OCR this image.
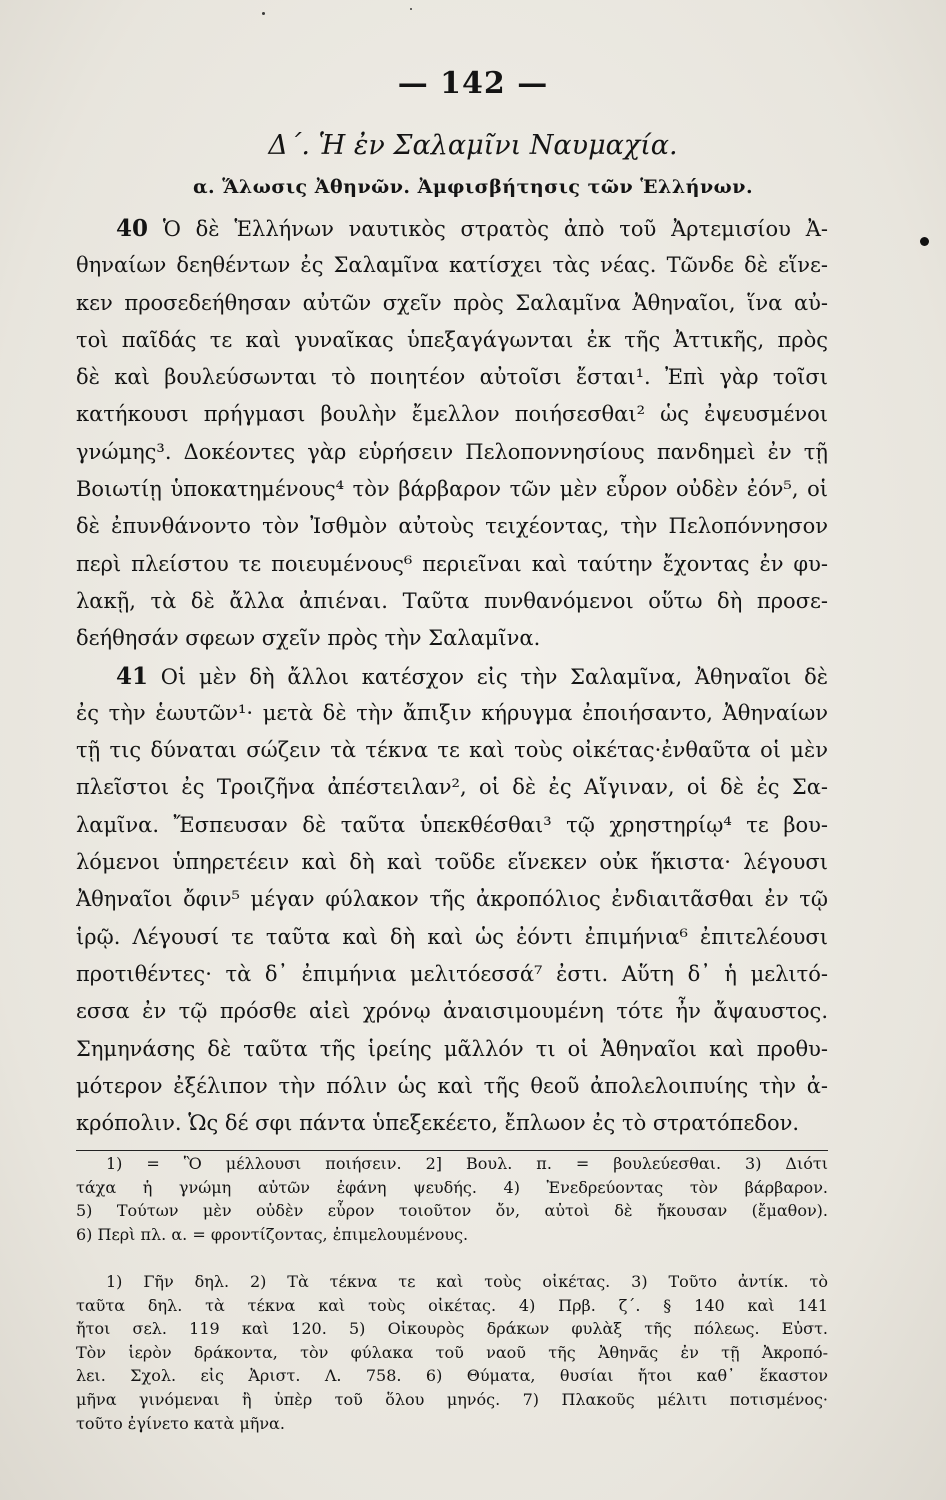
— 142 —
Δ΄. Ἡ ἐν Σαλαμῖνι Ναυμαχία.
α. Ἅλωσις Ἀθηνῶν. Ἀμφισβήτησις τῶν Ἑλλήνων.
40 Ὁ δὲ Ἑλλήνων ναυτικὸς στρατὸς ἀπὸ τοῦ Ἀρτεμισίου Ἀ-
θηναίων δεηθέντων ἐς Σαλαμῖνα κατίσχει τὰς νέας. Τῶνδε δὲ εἵνε-
κεν προσεδεήθησαν αὐτῶν σχεῖν πρὸς Σαλαμῖνα Ἀθηναῖοι, ἵνα αὐ-
τοὶ παῖδάς τε καὶ γυναῖκας ὑπεξαγάγωνται ἐκ τῆς Ἀττικῆς, πρὸς
δὲ καὶ βουλεύσωνται τὸ ποιητέον αὐτοῖσι ἔσται¹. Ἐπὶ γὰρ τοῖσι
κατήκουσι πρήγμασι βουλὴν ἔμελλον ποιήσεσθαι² ὡς ἐψευσμένοι
γνώμης³. Δοκέοντες γὰρ εὑρήσειν Πελοποννησίους πανδημεὶ ἐν τῇ
Βοιωτίῃ ὑποκατημένους⁴ τὸν βάρβαρον τῶν μὲν εὗρον οὐδὲν ἐόν⁵, οἱ
δὲ ἐπυνθάνοντο τὸν Ἰσθμὸν αὐτοὺς τειχέοντας, τὴν Πελοπόννησον
περὶ πλείστου τε ποιευμένους⁶ περιεῖναι καὶ ταύτην ἔχοντας ἐν φυ-
λακῇ, τὰ δὲ ἄλλα ἀπιέναι. Ταῦτα πυνθανόμενοι οὕτω δὴ προσε-
δεήθησάν σφεων σχεῖν πρὸς τὴν Σαλαμῖνα.
41 Οἱ μὲν δὴ ἄλλοι κατέσχον εἰς τὴν Σαλαμῖνα, Ἀθηναῖοι δὲ
ἐς τὴν ἑωυτῶν¹· μετὰ δὲ τὴν ἄπιξιν κήρυγμα ἐποιήσαντο, Ἀθηναίων
τῇ τις δύναται σώζειν τὰ τέκνα τε καὶ τοὺς οἰκέτας·ἐνθαῦτα οἱ μὲν
πλεῖστοι ἐς Τροιζῆνα ἀπέστειλαν², οἱ δὲ ἐς Αἴγιναν, οἱ δὲ ἐς Σα-
λαμῖνα. Ἔσπευσαν δὲ ταῦτα ὑπεκθέσθαι³ τῷ χρηστηρίῳ⁴ τε βου-
λόμενοι ὑπηρετέειν καὶ δὴ καὶ τοῦδε εἵνεκεν οὐκ ἥκιστα· λέγουσι
Ἀθηναῖοι ὄφιν⁵ μέγαν φύλακον τῆς ἀκροπόλιος ἐνδιαιτᾶσθαι ἐν τῷ
ἱρῷ. Λέγουσί τε ταῦτα καὶ δὴ καὶ ὡς ἐόντι ἐπιμήνια⁶ ἐπιτελέουσι
προτιθέντες· τὰ δ᾽ ἐπιμήνια μελιτόεσσά⁷ ἐστι. Αὕτη δ᾽ ἡ μελιτό-
εσσα ἐν τῷ πρόσθε αἰεὶ χρόνῳ ἀναισιμουμένη τότε ἦν ἄψαυστος.
Σημηνάσης δὲ ταῦτα τῆς ἱρείης μᾶλλόν τι οἱ Ἀθηναῖοι καὶ προθυ-
μότερον ἐξέλιπον τὴν πόλιν ὡς καὶ τῆς θεοῦ ἀπολελοιπυίης τὴν ἀ-
κρόπολιν. Ὡς δέ σφι πάντα ὑπεξεκέετο, ἔπλωον ἐς τὸ στρατόπεδον.
1) = Ὃ μέλλουσι ποιήσειν. 2] Βουλ. π. = βουλεύεσθαι. 3) Διότι
τάχα ἡ γνώμη αὐτῶν ἐφάνη ψευδής. 4) Ἐνεδρεύοντας τὸν βάρβαρον.
5) Τούτων μὲν οὐδὲν εὗρον τοιοῦτον ὄν, αὐτοὶ δὲ ἤκουσαν (ἔμαθον).
6) Περὶ πλ. α. = φροντίζοντας, ἐπιμελουμένους.
1) Γῆν δηλ. 2) Τὰ τέκνα τε καὶ τοὺς οἰκέτας. 3) Τοῦτο ἀντίκ. τὸ
ταῦτα δηλ. τὰ τέκνα καὶ τοὺς οἰκέτας. 4) Πρβ. ζ΄. § 140 καὶ 141
ἤτοι σελ. 119 καὶ 120. 5) Οἰκουρὸς δράκων φυλὰξ τῆς πόλεως. Εὐστ.
Τὸν ἱερὸν δράκοντα, τὸν φύλακα τοῦ ναοῦ τῆς Ἀθηνᾶς ἐν τῇ Ἀκροπό-
λει. Σχολ. εἰς Ἀριστ. Λ. 758. 6) Θύματα, θυσίαι ἤτοι καθ᾽ ἕκαστον
μῆνα γινόμεναι ἢ ὑπὲρ τοῦ ὅλου μηνός. 7) Πλακοῦς μέλιτι ποτισμένος·
τοῦτο ἐγίνετο κατὰ μῆνα.
